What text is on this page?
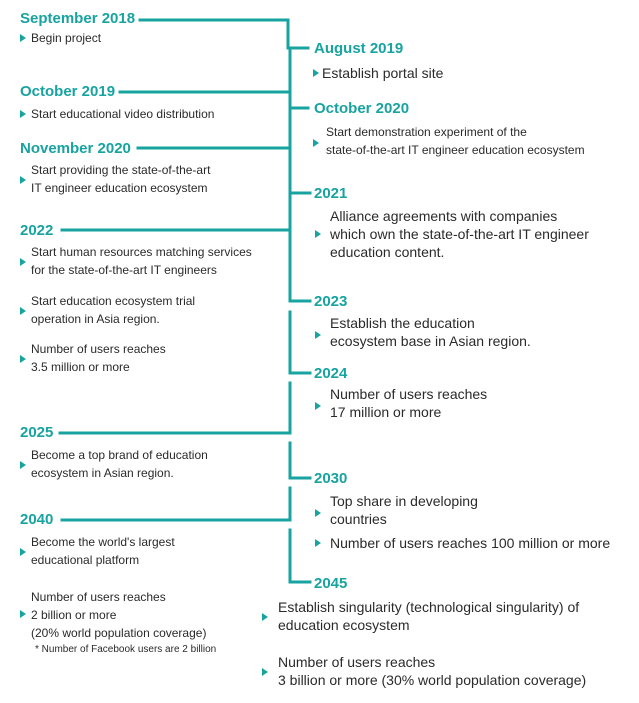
September 2018
Begin project
October 2019
Start educational video distribution
November 2020
Start providing the state-of-the-art
IT engineer education ecosystem
2022
Start human resources matching services
for the state-of-the-art IT engineers
Start education ecosystem trial
operation in Asia region.
Number of users reaches
3.5 million or more
2025
Become a top brand of education
ecosystem in Asian region.
2040
Become the world's largest
educational platform
Number of users reaches
2 billion or more
(20% world population coverage)
* Number of Facebook users are 2 billion
August 2019
Establish portal site
October 2020
Start demonstration experiment of the
state-of-the-art IT engineer education ecosystem
2021
Alliance agreements with companies
which own the state-of-the-art IT engineer
education content.
2023
Establish the education
ecosystem base in Asian region.
2024
Number of users reaches
17 million or more
2030
Top share in developing
countries
Number of users reaches 100 million or more
2045
Establish singularity (technological singularity) of
education ecosystem
Number of users reaches
3 billion or more (30% world population coverage)
